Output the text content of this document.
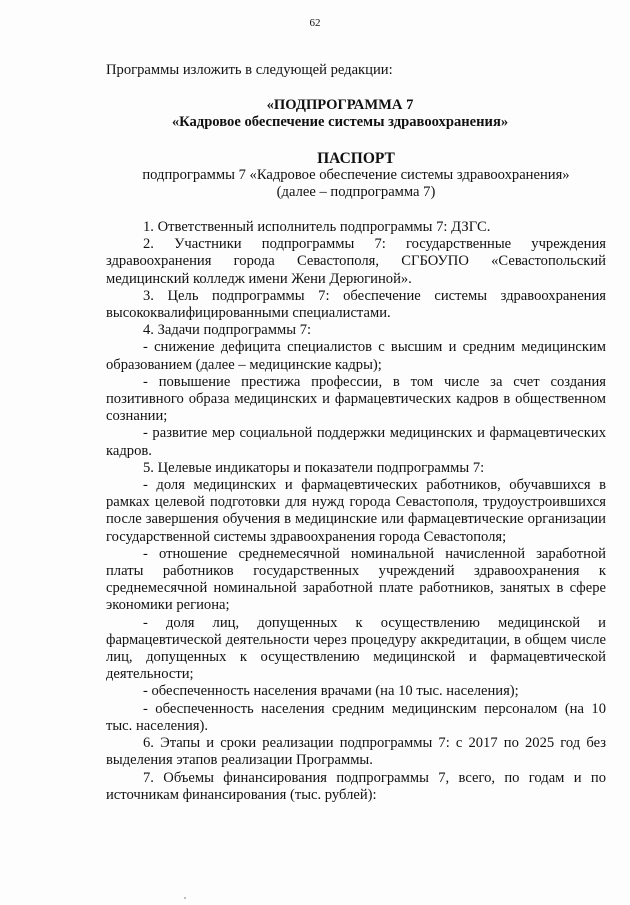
62
Программы изложить в следующей редакции:
«ПОДПРОГРАММА 7
«Кадровое обеспечение системы здравоохранения»
ПАСПОРТ
подпрограммы 7 «Кадровое обеспечение системы здравоохранения»
(далее – подпрограмма 7)
1. Ответственный исполнитель подпрограммы 7: ДЗГС.
2. Участники подпрограммы 7: государственные учреждения здравоохранения города Севастополя, СГБОУПО «Севастопольский медицинский колледж имени Жени Дерюгиной».
3. Цель подпрограммы 7: обеспечение системы здравоохранения высококвалифицированными специалистами.
4. Задачи подпрограммы 7:
- снижение дефицита специалистов с высшим и средним медицинским образованием (далее – медицинские кадры);
- повышение престижа профессии, в том числе за счет создания позитивного образа медицинских и фармацевтических кадров в общественном сознании;
- развитие мер социальной поддержки медицинских и фармацевтических кадров.
5. Целевые индикаторы и показатели подпрограммы 7:
- доля медицинских и фармацевтических работников, обучавшихся в рамках целевой подготовки для нужд города Севастополя, трудоустроившихся после завершения обучения в медицинские или фармацевтические организации государственной системы здравоохранения города Севастополя;
- отношение среднемесячной номинальной начисленной заработной платы работников государственных учреждений здравоохранения к среднемесячной номинальной заработной плате работников, занятых в сфере экономики региона;
- доля лиц, допущенных к осуществлению медицинской и фармацевтической деятельности через процедуру аккредитации, в общем числе лиц, допущенных к осуществлению медицинской и фармацевтической деятельности;
- обеспеченность населения врачами (на 10 тыс. населения);
- обеспеченность населения средним медицинским персоналом (на 10 тыс. населения).
6. Этапы и сроки реализации подпрограммы 7: с 2017 по 2025 год без выделения этапов реализации Программы.
7. Объемы финансирования подпрограммы 7, всего, по годам и по источникам финансирования (тыс. рублей):
